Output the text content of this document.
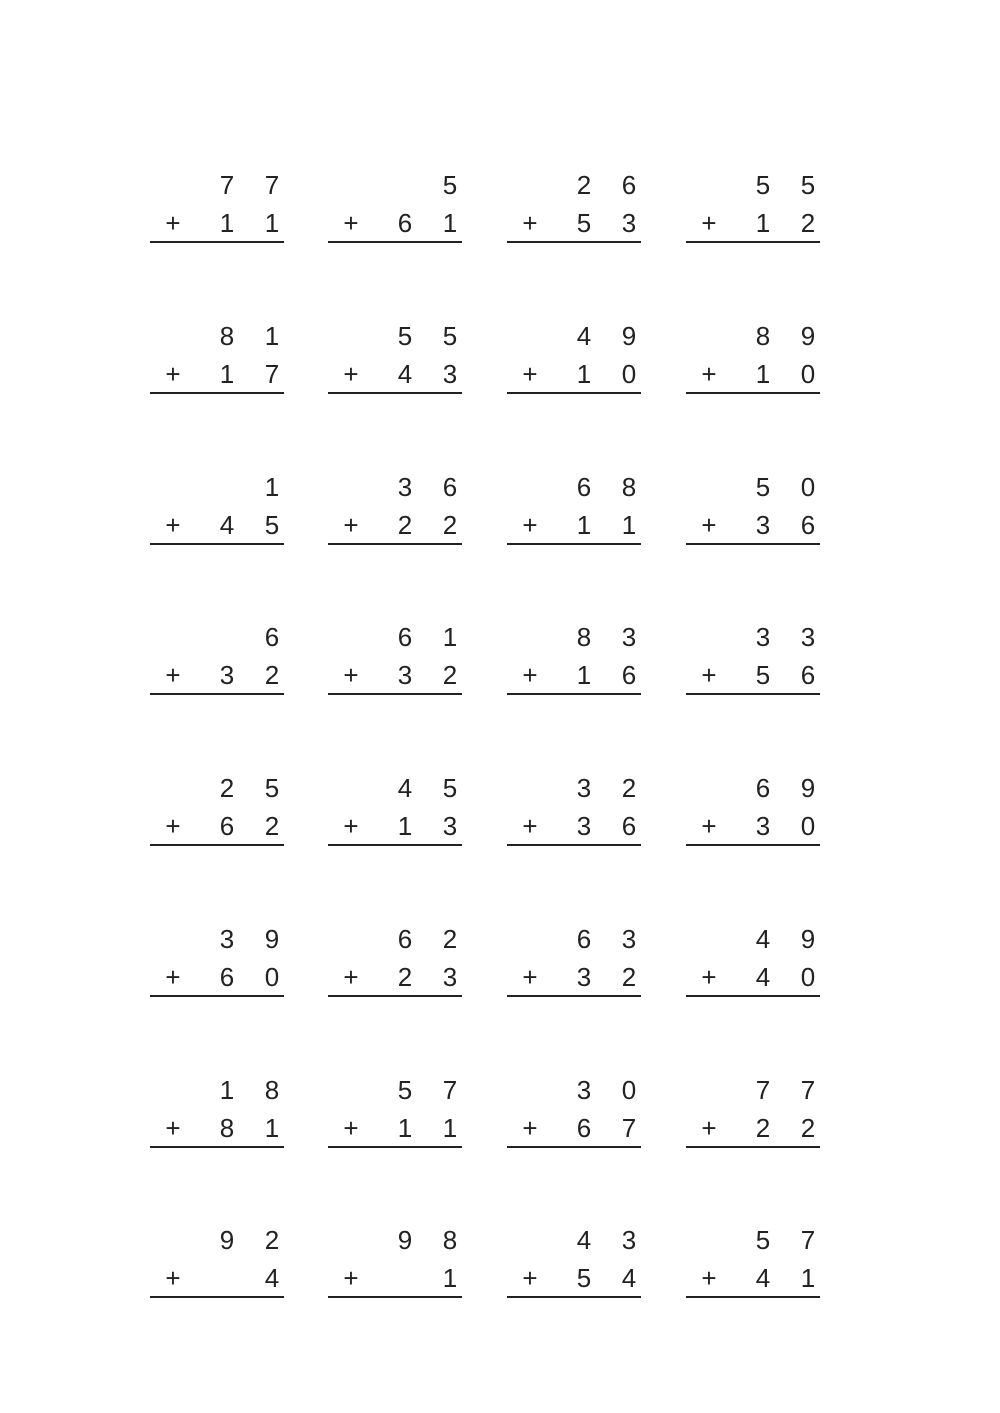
7 7
+ 1 1
5
+ 6 1
2 6
+ 5 3
5 5
+ 1 2
8 1
+ 1 7
5 5
+ 4 3
4 9
+ 1 0
8 9
+ 1 0
1
+ 4 5
3 6
+ 2 2
6 8
+ 1 1
5 0
+ 3 6
6
+ 3 2
6 1
+ 3 2
8 3
+ 1 6
3 3
+ 5 6
2 5
+ 6 2
4 5
+ 1 3
3 2
+ 3 6
6 9
+ 3 0
3 9
+ 6 0
6 2
+ 2 3
6 3
+ 3 2
4 9
+ 4 0
1 8
+ 8 1
5 7
+ 1 1
3 0
+ 6 7
7 7
+ 2 2
9 2
+	4
9 8
+	1
4 3
+ 5 4
5 7
+ 4 1
